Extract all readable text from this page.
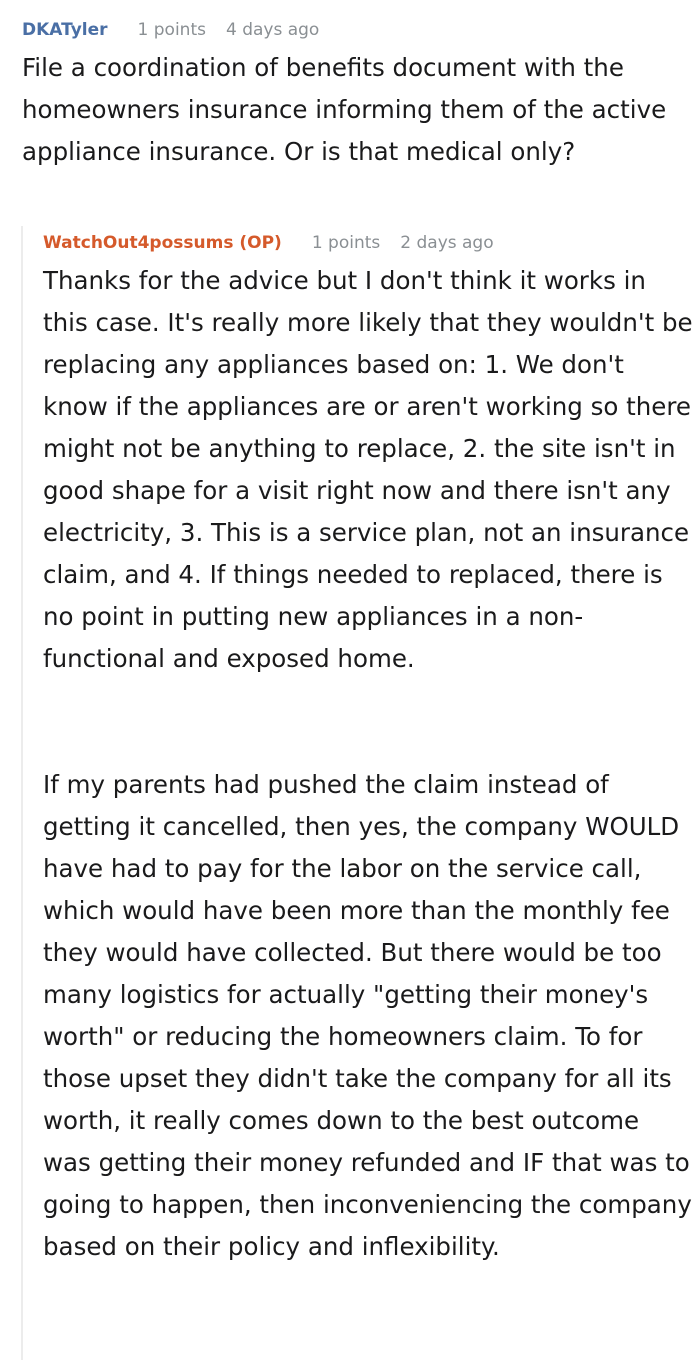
DKATyler 1 points 4 days ago
File a coordination of benefits document with the homeowners insurance informing them of the active appliance insurance. Or is that medical only?
WatchOut4possums (OP) 1 points 2 days ago
Thanks for the advice but I don't think it works in this case. It's really more likely that they wouldn't be replacing any appliances based on: 1. We don't know if the appliances are or aren't working so there might not be anything to replace, 2. the site isn't in good shape for a visit right now and there isn't any electricity, 3. This is a service plan, not an insurance claim, and 4. If things needed to replaced, there is no point in putting new appliances in a non-functional and exposed home.
If my parents had pushed the claim instead of getting it cancelled, then yes, the company WOULD have had to pay for the labor on the service call, which would have been more than the monthly fee they would have collected. But there would be too many logistics for actually "getting their money's worth" or reducing the homeowners claim. To for those upset they didn't take the company for all its worth, it really comes down to the best outcome was getting their money refunded and IF that was to going to happen, then inconveniencing the company based on their policy and inflexibility.
